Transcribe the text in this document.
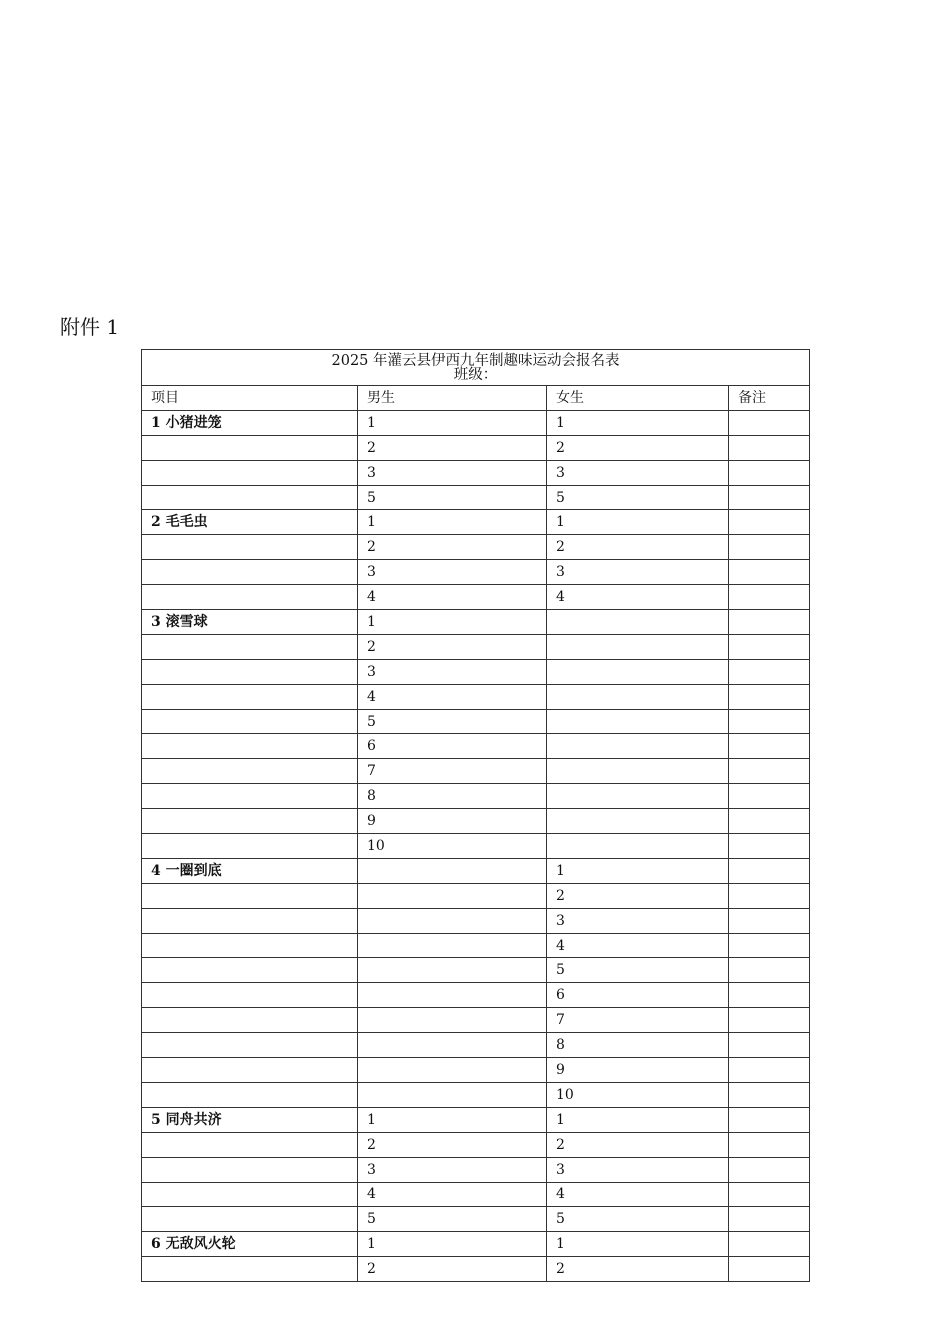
附件 1
2025 年灌云县伊西九年制趣味运动会报名表
班级：			

项目	男生	女生	备注
1 小猪进笼	1	1	
	2	2	
	3	3	
	5	5	
2 毛毛虫	1	1	
	2	2	
	3	3	
	4	4	
3 滚雪球	1		
	2		
	3		
	4		
	5		
	6		
	7		
	8		
	9		
	10		
4 一圈到底		1	
		2	
		3	
		4	
		5	
		6	
		7	
		8	
		9	
		10	
5 同舟共济	1	1	
	2	2	
	3	3	
	4	4	
	5	5	
6 无敌风火轮	1	1	
	2	2	
